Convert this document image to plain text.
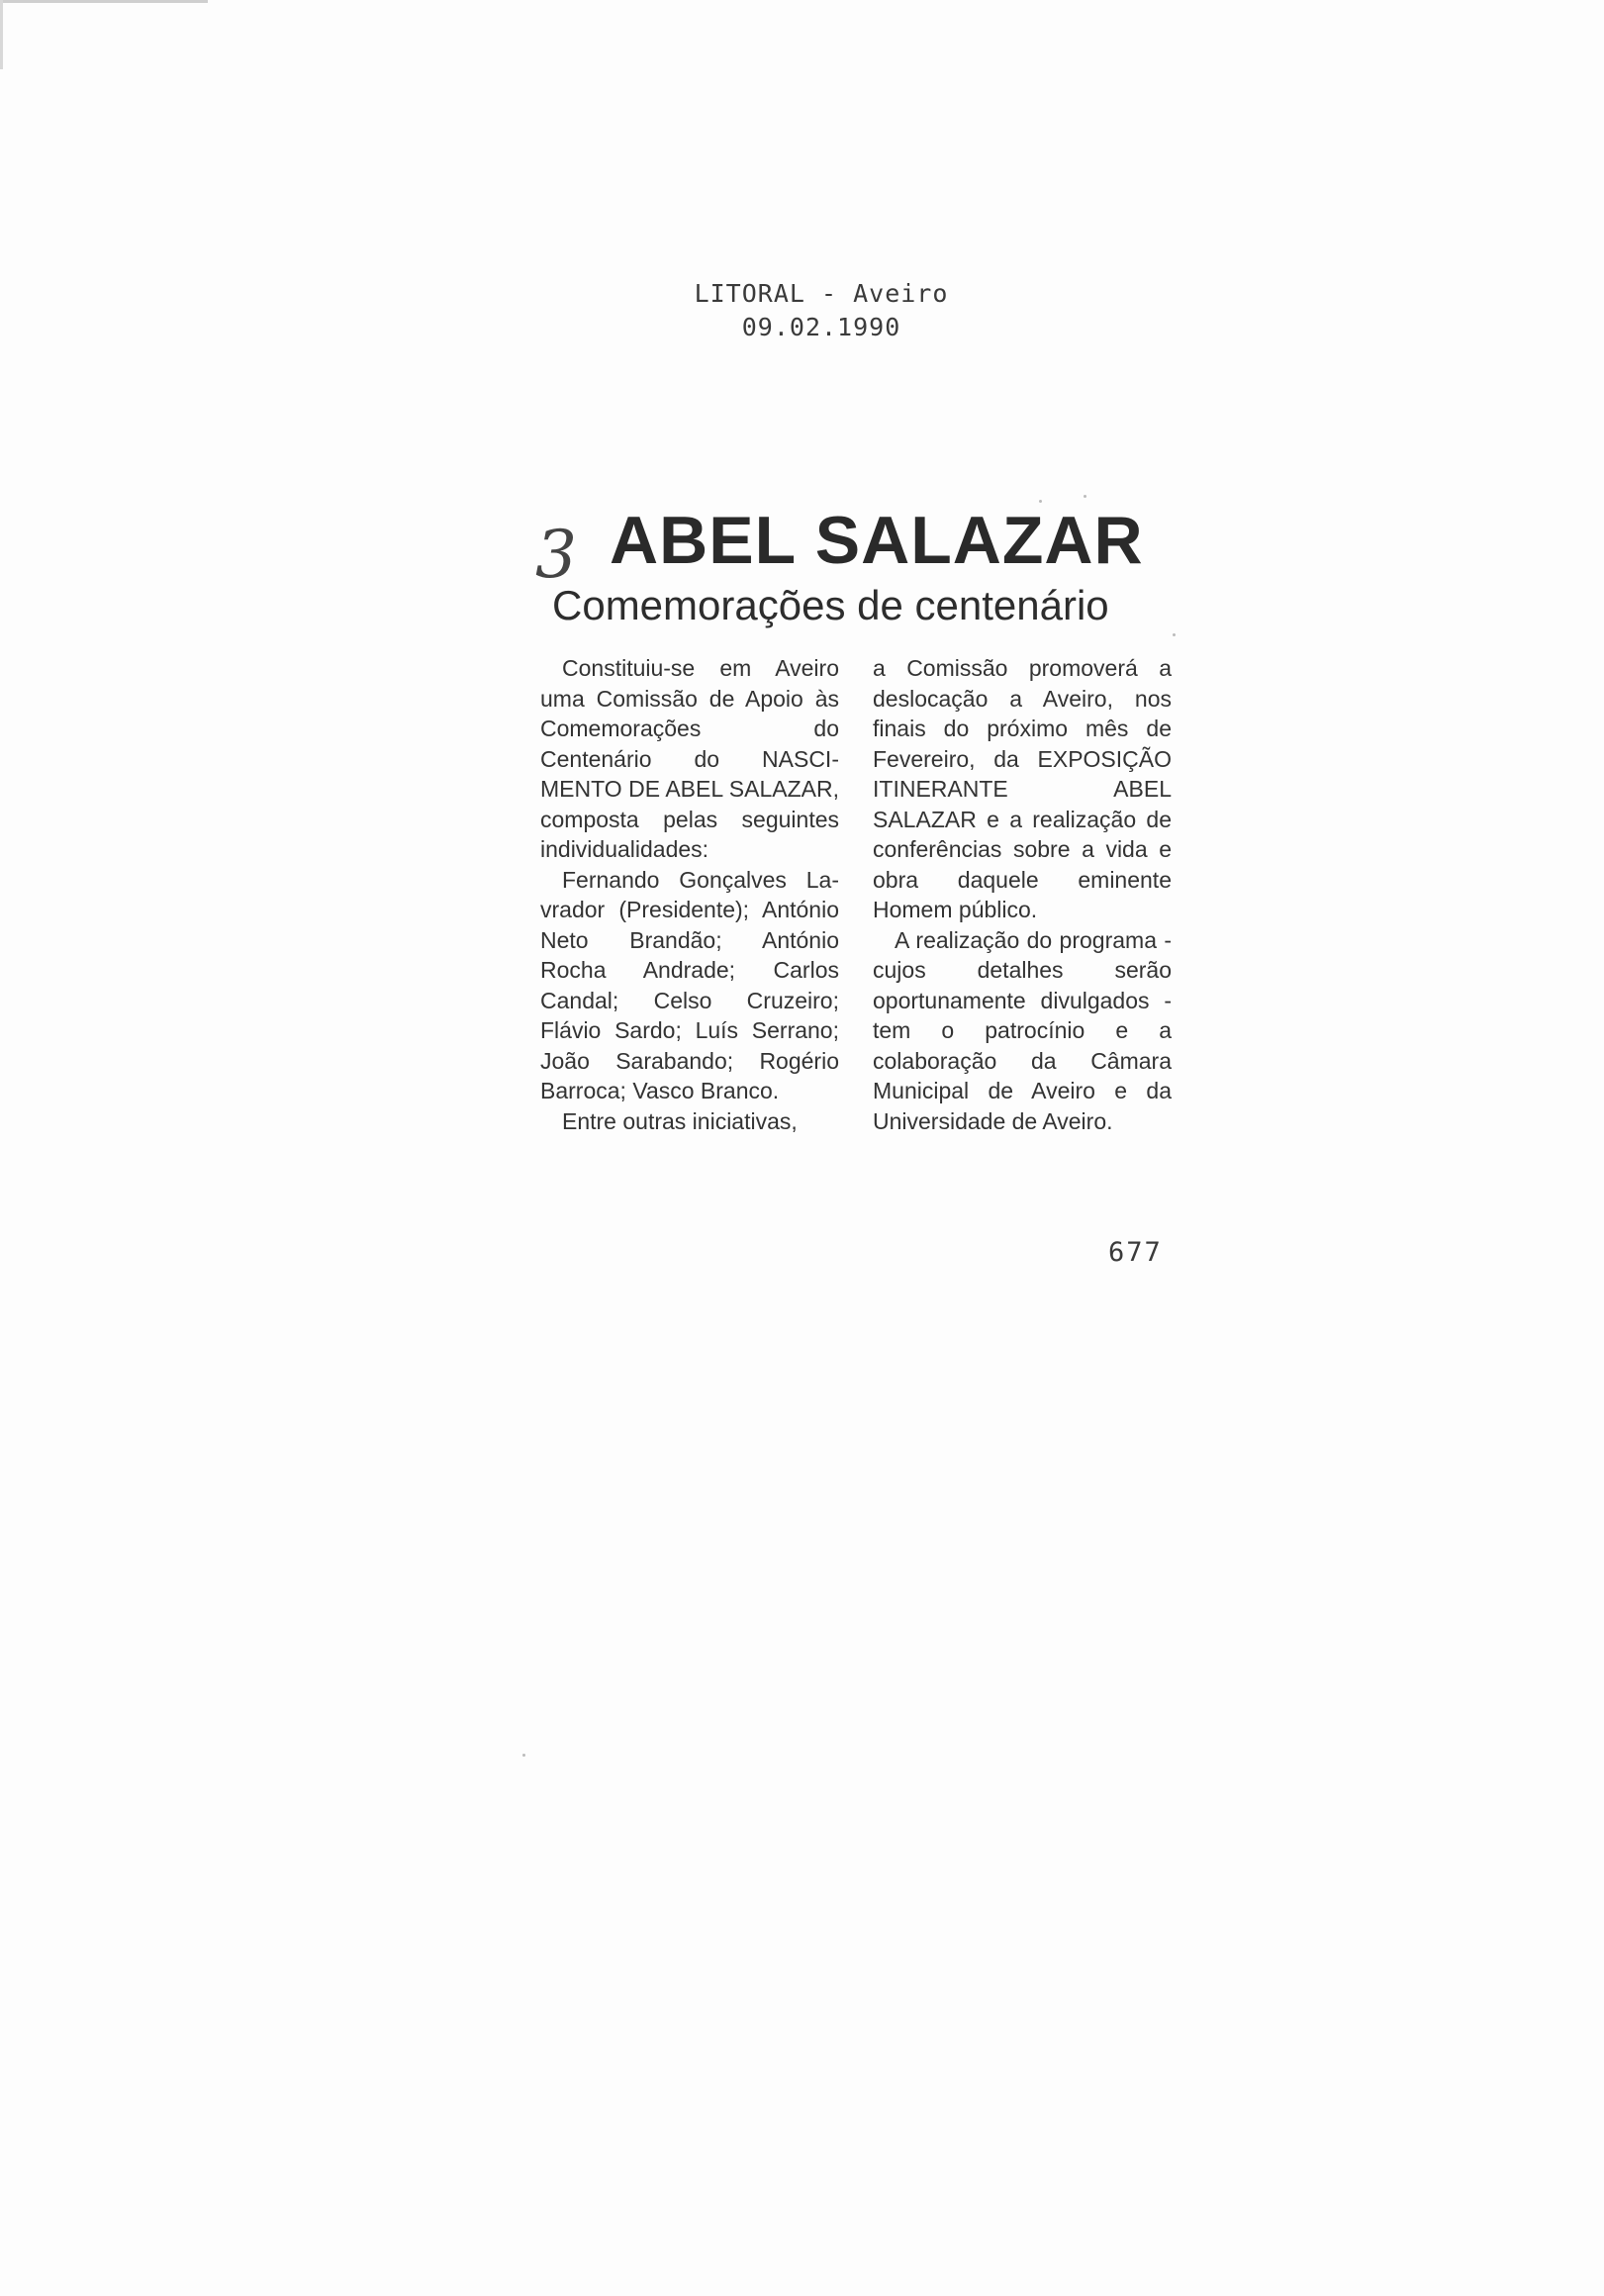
LITORAL - Aveiro
09.02.1990
3 ABEL SALAZAR
Comemorações de centenário

Constituiu-se em Aveiro uma Comissão de Apoio às Comemorações do Centenário do NASCIMENTO DE ABEL SALAZAR, composta pelas seguintes individualidades:

Fernando Gonçalves Lavrador (Presidente); António Neto Brandão; António Rocha Andrade; Carlos Candal; Celso Cruzeiro; Flávio Sardo; Luís Serrano; João Sarabando; Rogério Barroca; Vasco Branco.

Entre outras iniciativas,

a Comissão promoverá a deslocação a Aveiro, nos finais do próximo mês de Fevereiro, da EXPOSIÇÃO ITINERANTE ABEL SALAZAR e a realização de conferências sobre a vida e obra daquele eminente Homem público.

A realização do programa - cujos detalhes serão oportunamente divulgados - tem o patrocínio e a colaboração da Câmara Municipal de Aveiro e da Universidade de Aveiro.

677
